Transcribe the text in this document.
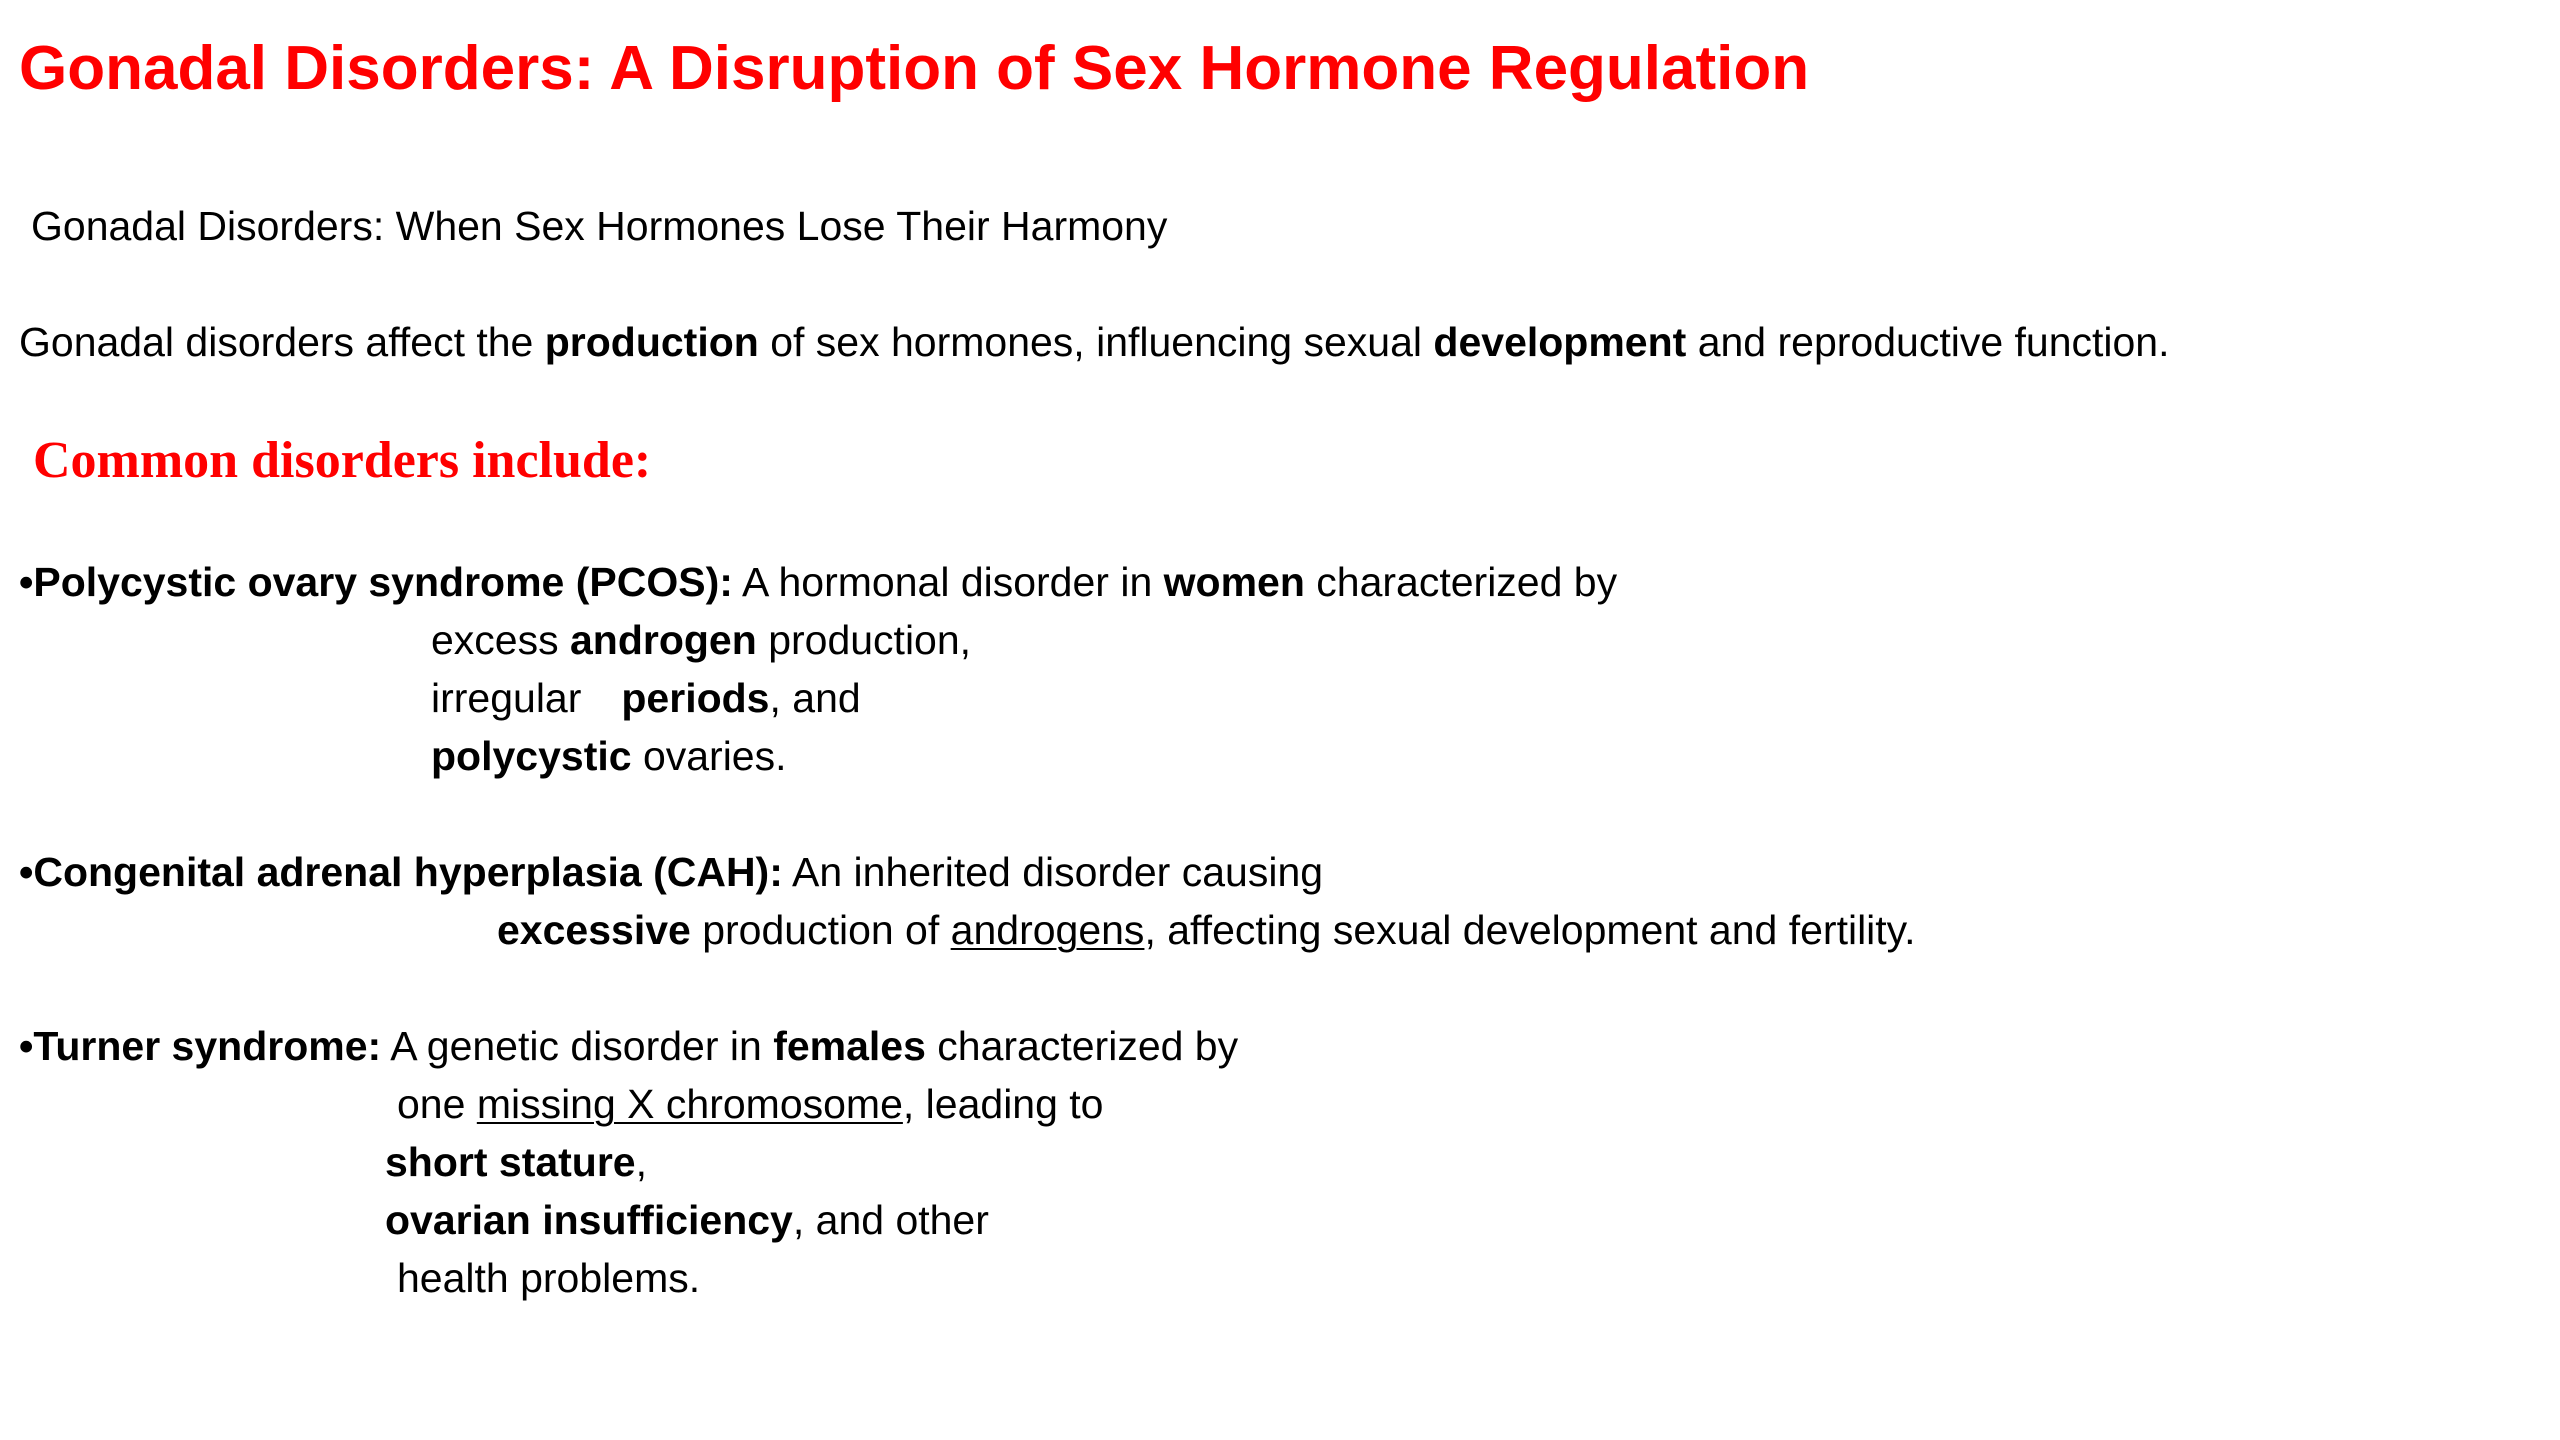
Gonadal Disorders: A Disruption of Sex Hormone Regulation
Gonadal Disorders: When Sex Hormones Lose Their Harmony
Gonadal disorders affect the production of sex hormones, influencing sexual development and reproductive function.
Common disorders include:
•Polycystic ovary syndrome (PCOS): A hormonal disorder in women characterized by
excess androgen production,
irregular periods, and
polycystic ovaries.
•Congenital adrenal hyperplasia (CAH): An inherited disorder causing
excessive production of androgens, affecting sexual development and fertility.
•Turner syndrome: A genetic disorder in females characterized by
one missing X chromosome, leading to
short stature,
ovarian insufficiency, and other
health problems.
